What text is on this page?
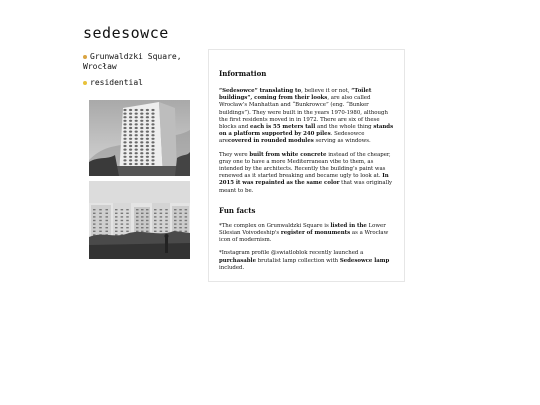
sedesowce
Grunwaldzki Square, Wrocław
residential
Information

“Sedesowce” translating to, believe it or not, “Toilet buildings”, coming from their looks, are also called Wrocław’s Manhattan and “Bunkrowce” (eng. “Bunker buildings”). They were built in the years 1970-1980, although the first residents moved in in 1972. There are six of these blocks and each is 55 meters tall and the whole thing stands on a platform supported by 240 piles. Sedesowce arecovered in rounded modules serving as windows.

They were built from white concrete instead of the cheaper, gray one to have a more Mediterranean vibe to them, as intended by the architects. Recently the building’s paint was renewed as it started breaking and became ugly to look at. In 2015 it was repainted as the same color that was originally meant to be.

Fun facts

*The complex on Grunwaldzki Square is listed in the Lower Silesian Voivodeship's register of monuments as a Wrocław icon of modernism.

*Instagram profile @swiatloblok recently launched a purchasable brutalist lamp collection with Sedesowce lamp included.
